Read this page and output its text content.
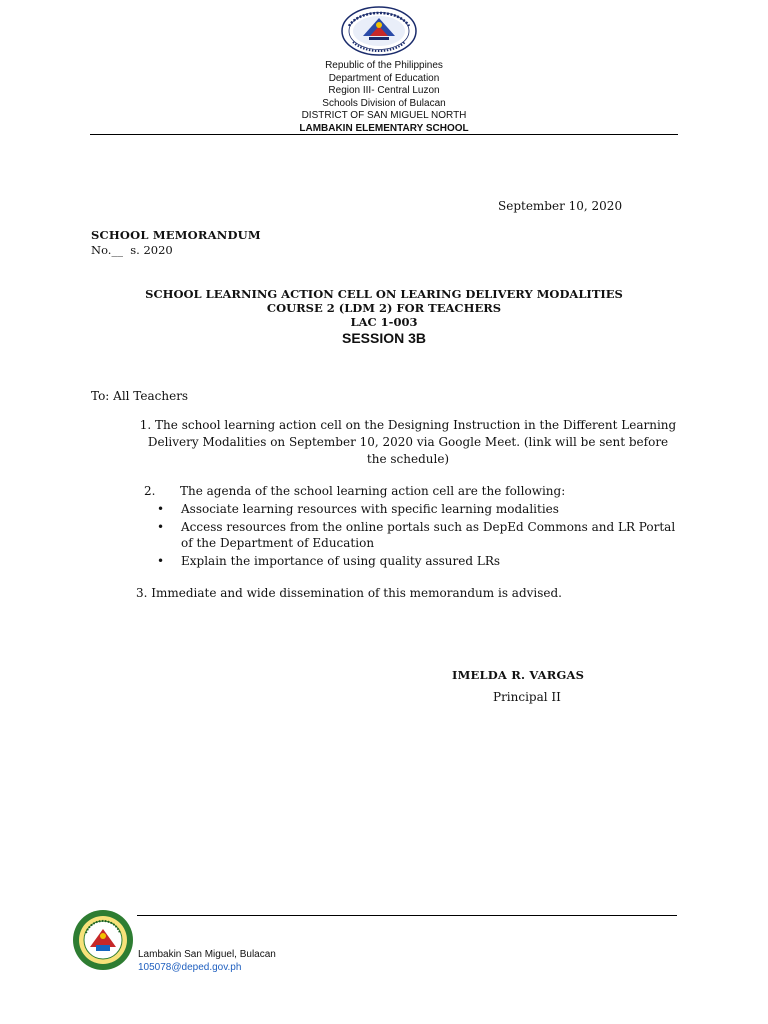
Republic of the Philippines
Department of Education
Region III- Central Luzon
Schools Division of Bulacan
DISTRICT OF SAN MIGUEL NORTH
LAMBAKIN ELEMENTARY SCHOOL
September 10, 2020
SCHOOL MEMORANDUM
No.__  s. 2020
SCHOOL LEARNING ACTION CELL ON LEARING DELIVERY MODALITIES
COURSE 2 (LDM 2) FOR TEACHERS
LAC 1-003
SESSION 3B
To: All Teachers
1. The school learning action cell on the Designing Instruction in the Different Learning Delivery Modalities on September 10, 2020 via Google Meet. (link will be sent before the schedule)
2. The agenda of the school learning action cell are the following:
• Associate learning resources with specific learning modalities
• Access resources from the online portals such as DepEd Commons and LR Portal of the Department of Education
• Explain the importance of using quality assured LRs
3. Immediate and wide dissemination of this memorandum is advised.
IMELDA R. VARGAS
Principal II
Lambakin San Miguel, Bulacan
105078@deped.gov.ph
